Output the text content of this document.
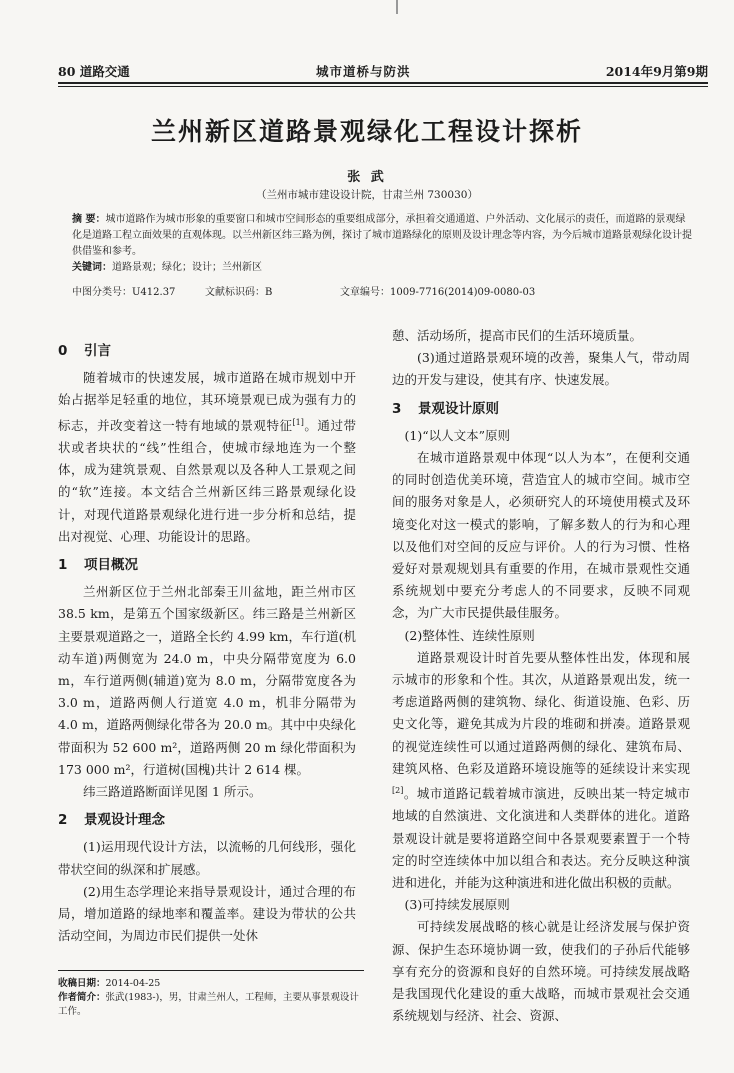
80 道路交通	城市道桥与防洪	2014年9月第9期
兰州新区道路景观绿化工程设计探析
张 武
（兰州市城市建设设计院，甘肃兰州 730030）
摘 要：城市道路作为城市形象的重要窗口和城市空间形态的重要组成部分，承担着交通通道、户外活动、文化展示的责任，而道路的景观绿化是道路工程立面效果的直观体现。以兰州新区纬三路为例，探讨了城市道路绿化的原则及设计理念等内容，为今后城市道路景观绿化设计提供借鉴和参考。
关键词：道路景观；绿化；设计；兰州新区
中图分类号：U412.37	文献标识码：B	文章编号：1009-7716(2014)09-0080-03
0 引言

随着城市的快速发展，城市道路在城市规划中开始占据举足轻重的地位，其环境景观已成为强有力的标志，并改变着这一特有地域的景观特征[1]。通过带状或者块状的“线”性组合，使城市绿地连为一个整体，成为建筑景观、自然景观以及各种人工景观之间的“软”连接。本文结合兰州新区纬三路景观绿化设计，对现代道路景观绿化进行进一步分析和总结，提出对视觉、心理、功能设计的思路。

1 项目概况

兰州新区位于兰州北部秦王川盆地，距兰州市区 38.5 km，是第五个国家级新区。纬三路是兰州新区主要景观道路之一，道路全长约 4.99 km，车行道(机动车道)两侧宽为 24.0 m，中央分隔带宽度为 6.0 m，车行道两侧(辅道)宽为 8.0 m，分隔带宽度各为 3.0 m，道路两侧人行道宽 4.0 m，机非分隔带为 4.0 m，道路两侧绿化带各为 20.0 m。其中中央绿化带面积为 52 600 m²，道路两侧 20 m 绿化带面积为 173 000 m²，行道树(国槐)共计 2 614 棵。

纬三路道路断面详见图 1 所示。

2 景观设计理念

(1)运用现代设计方法，以流畅的几何线形，强化带状空间的纵深和扩展感。

(2)用生态学理论来指导景观设计，通过合理的布局，增加道路的绿地率和覆盖率。建设为带状的公共活动空间，为周边市民们提供一处休

收稿日期：2014-04-25
作者简介：张武(1983-)，男，甘肃兰州人，工程师，主要从事景观设计工作。

憩、活动场所，提高市民们的生活环境质量。

(3)通过道路景观环境的改善，聚集人气，带动周边的开发与建设，使其有序、快速发展。

3 景观设计原则

(1)“以人文本”原则

在城市道路景观中体现“以人为本”，在便利交通的同时创造优美环境，营造宜人的城市空间。城市空间的服务对象是人，必须研究人的环境使用模式及环境变化对这一模式的影响，了解多数人的行为和心理以及他们对空间的反应与评价。人的行为习惯、性格爱好对景观规划具有重要的作用，在城市景观性交通系统规划中要充分考虑人的不同要求，反映不同观念，为广大市民提供最佳服务。

(2)整体性、连续性原则

道路景观设计时首先要从整体性出发，体现和展示城市的形象和个性。其次，从道路景观出发，统一考虑道路两侧的建筑物、绿化、街道设施、色彩、历史文化等，避免其成为片段的堆砌和拼凑。道路景观的视觉连续性可以通过道路两侧的绿化、建筑布局、建筑风格、色彩及道路环境设施等的延续设计来实现[2]。城市道路记载着城市演进，反映出某一特定城市地域的自然演进、文化演进和人类群体的进化。道路景观设计就是要将道路空间中各景观要素置于一个特定的时空连续体中加以组合和表达。充分反映这种演进和进化，并能为这种演进和进化做出积极的贡献。

(3)可持续发展原则

可持续发展战略的核心就是让经济发展与保护资源、保护生态环境协调一致，使我们的子孙后代能够享有充分的资源和良好的自然环境。可持续发展战略是我国现代化建设的重大战略，而城市景观社会交通系统规划与经济、社会、资源、
